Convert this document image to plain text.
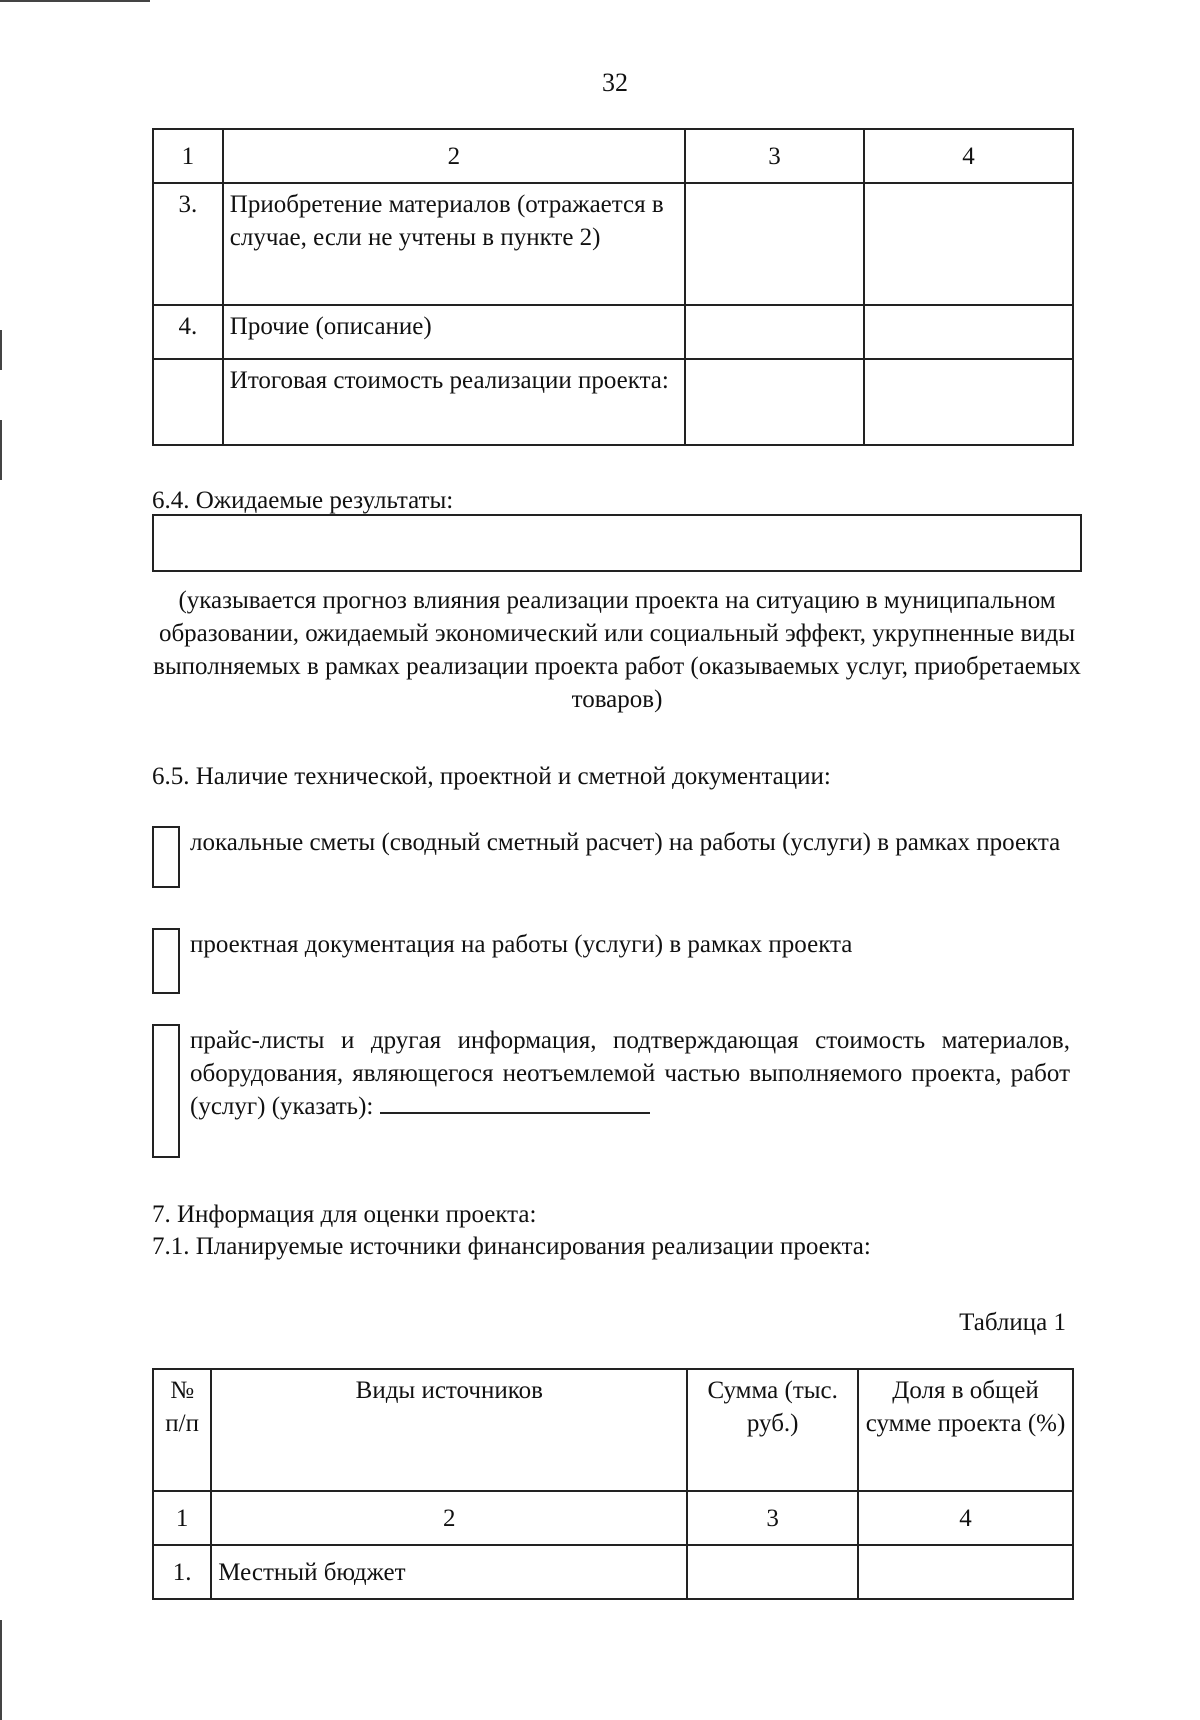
32
1	2	3	4
3.	Приобретение материалов (отражается в случае, если не учтены в пункте 2)		
4.	Прочие (описание)		
	Итоговая стоимость реализации проекта:		
6.4. Ожидаемые результаты:
(указывается прогноз влияния реализации проекта на ситуацию в муниципальном образовании, ожидаемый экономический или социальный эффект, укрупненные виды выполняемых в рамках реализации проекта работ (оказываемых услуг, приобретаемых товаров)
6.5. Наличие технической, проектной и сметной документации:
локальные сметы (сводный сметный расчет) на работы (услуги) в рамках проекта
проектная документация на работы (услуги) в рамках проекта
прайс-листы и другая информация, подтверждающая стоимость материалов, оборудования, являющегося неотъемлемой частью выполняемого проекта, работ (услуг) (указать):
7. Информация для оценки проекта:
7.1. Планируемые источники финансирования реализации проекта:
Таблица 1
№ п/п	Виды источников	Сумма (тыс. руб.)	Доля в общей сумме проекта (%)
1	2	3	4
1.	Местный бюджет		
